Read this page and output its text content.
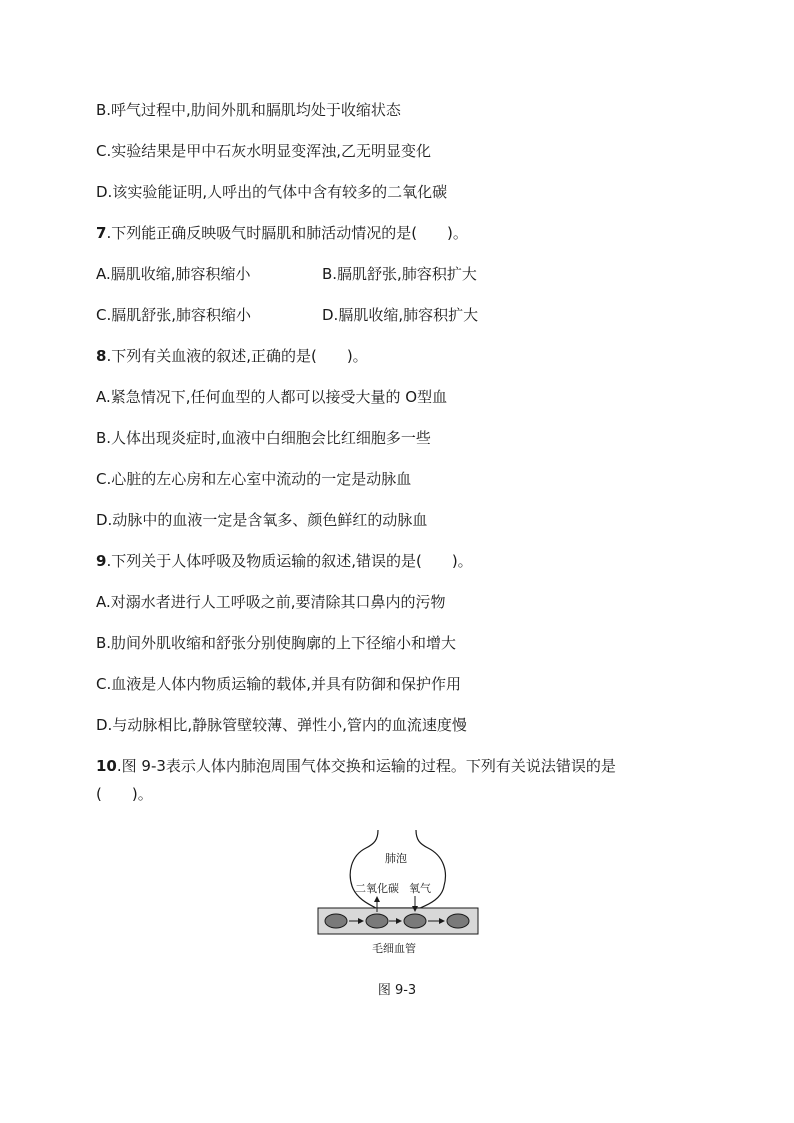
B.呼气过程中,肋间外肌和膈肌均处于收缩状态
C.实验结果是甲中石灰水明显变浑浊,乙无明显变化
D.该实验能证明,人呼出的气体中含有较多的二氧化碳
7.下列能正确反映吸气时膈肌和肺活动情况的是(　　)。
A.膈肌收缩,肺容积缩小	B.膈肌舒张,肺容积扩大
C.膈肌舒张,肺容积缩小	D.膈肌收缩,肺容积扩大
8.下列有关血液的叙述,正确的是(　　)。
A.紧急情况下,任何血型的人都可以接受大量的 O型血
B.人体出现炎症时,血液中白细胞会比红细胞多一些
C.心脏的左心房和左心室中流动的一定是动脉血
D.动脉中的血液一定是含氧多、颜色鲜红的动脉血
9.下列关于人体呼吸及物质运输的叙述,错误的是(　　)。
A.对溺水者进行人工呼吸之前,要清除其口鼻内的污物
B.肋间外肌收缩和舒张分别使胸廓的上下径缩小和增大
C.血液是人体内物质运输的载体,并具有防御和保护作用
D.与动脉相比,静脉管壁较薄、弹性小,管内的血流速度慢
10.图 9-3表示人体内肺泡周围气体交换和运输的过程。下列有关说法错误的是
(　　)。
肺泡
二氧化碳 氧气
毛细血管
图 9-3
